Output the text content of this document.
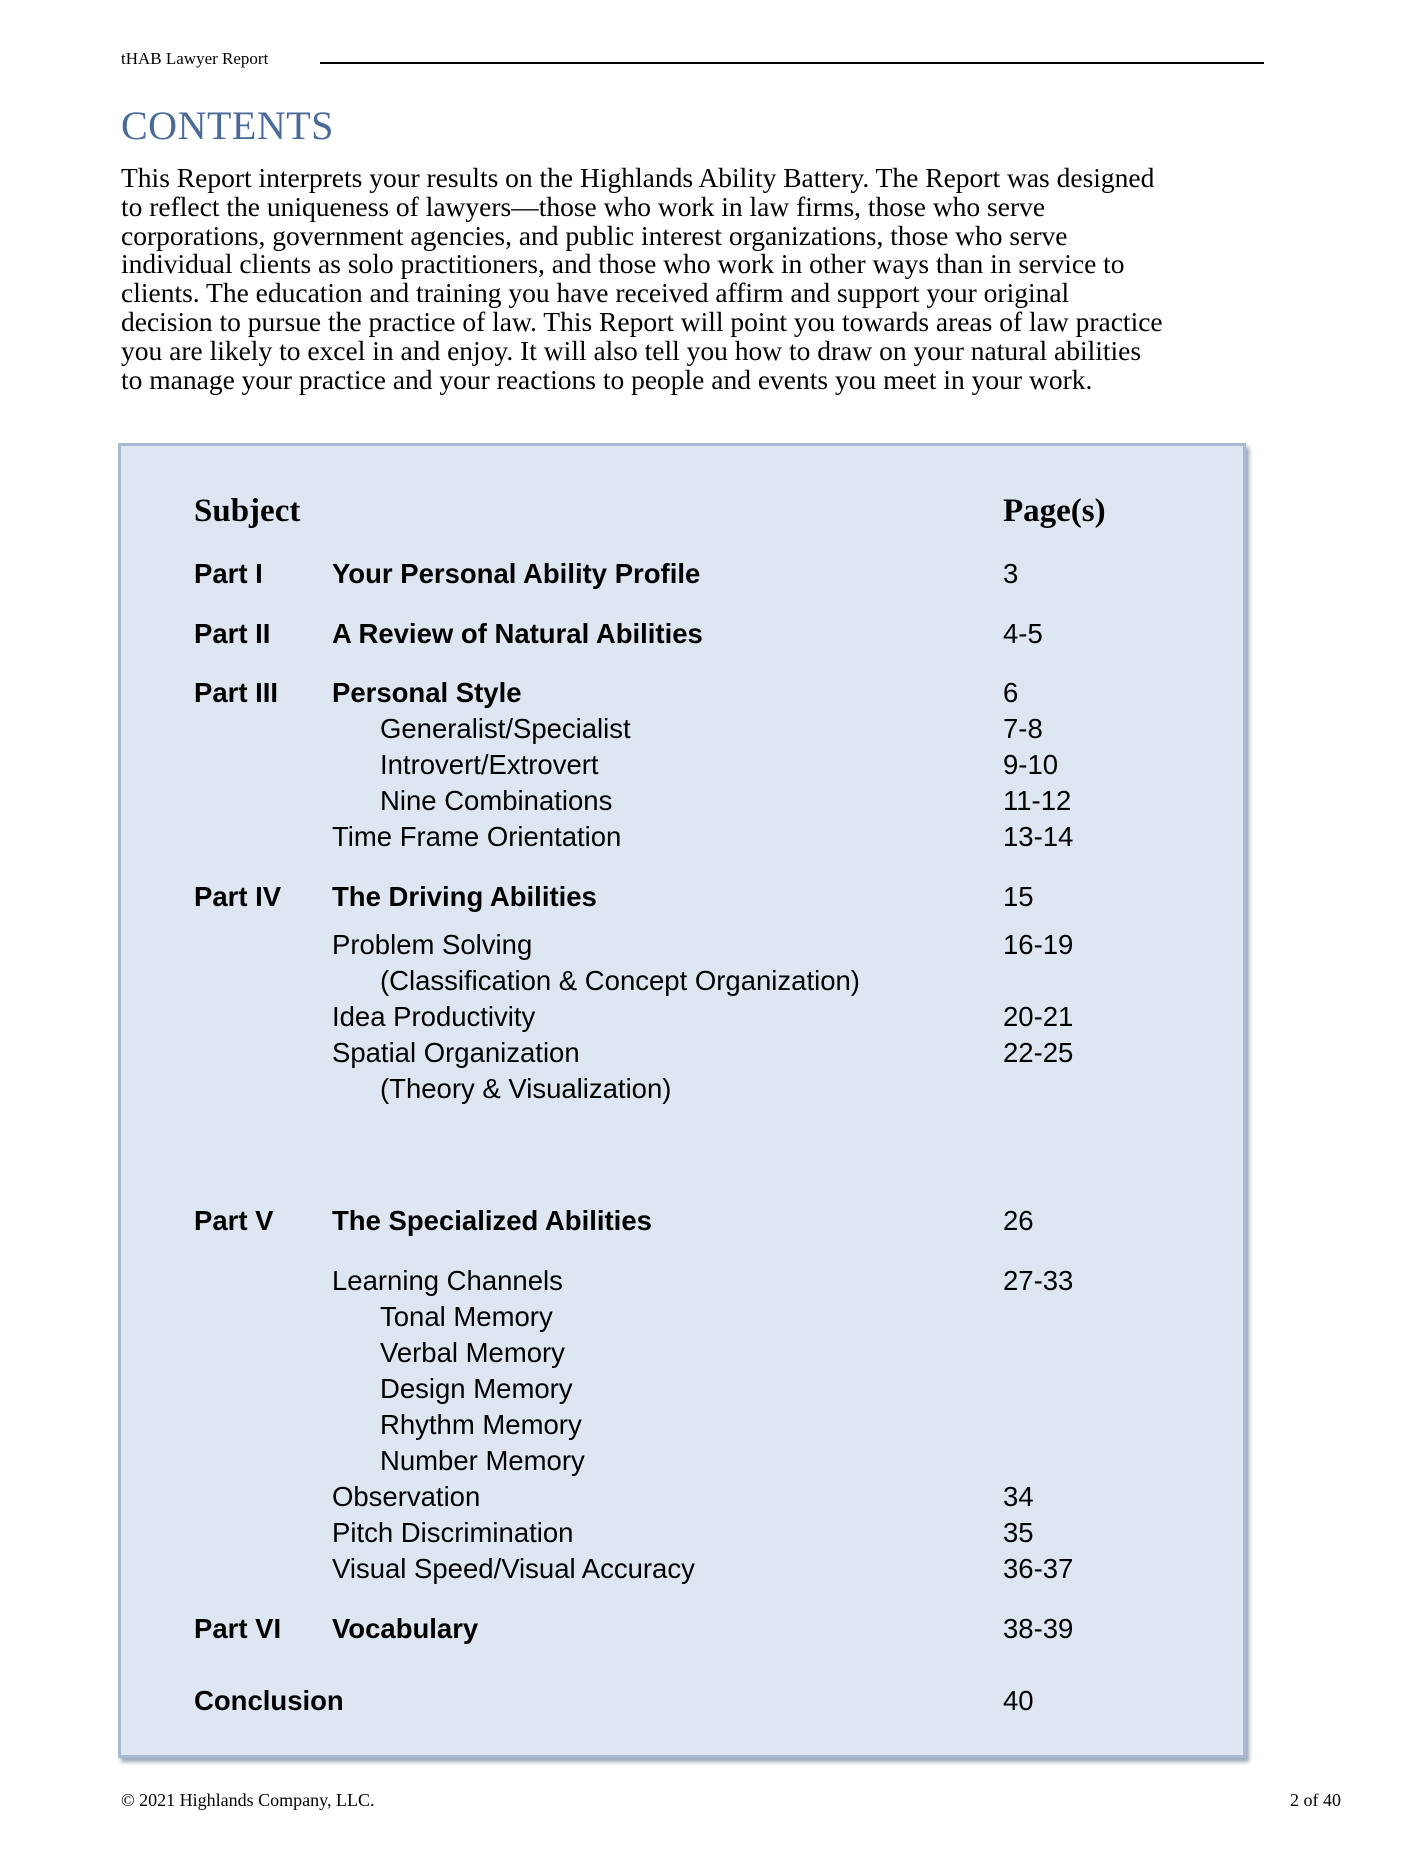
tHAB Lawyer Report
CONTENTS
This Report interprets your results on the Highlands Ability Battery. The Report was designed
to reflect the uniqueness of lawyers—those who work in law firms, those who serve
corporations, government agencies, and public interest organizations, those who serve
individual clients as solo practitioners, and those who work in other ways than in service to
clients. The education and training you have received affirm and support your original
decision to pursue the practice of law. This Report will point you towards areas of law practice
you are likely to excel in and enjoy. It will also tell you how to draw on your natural abilities
to manage your practice and your reactions to people and events you meet in your work.
Subject	Page(s)
Part I	Your Personal Ability Profile	3
Part II A Review of Natural Abilities	4-5
Part III Personal Style	6
Generalist/Specialist	7-8
Introvert/Extrovert	9-10
Nine Combinations	11-12
Time Frame Orientation	13-14
Part IV The Driving Abilities	15
Problem Solving	16-19
(Classification & Concept Organization)
Idea Productivity	20-21
Spatial Organization	22-25
(Theory & Visualization)
Part V The Specialized Abilities	26
Learning Channels	27-33
Tonal Memory
Verbal Memory
Design Memory
Rhythm Memory
Number Memory
Observation	34
Pitch Discrimination	35
Visual Speed/Visual Accuracy	36-37
Part VI Vocabulary	38-39
Conclusion	40
© 2021 Highlands Company, LLC.	2 of 40
